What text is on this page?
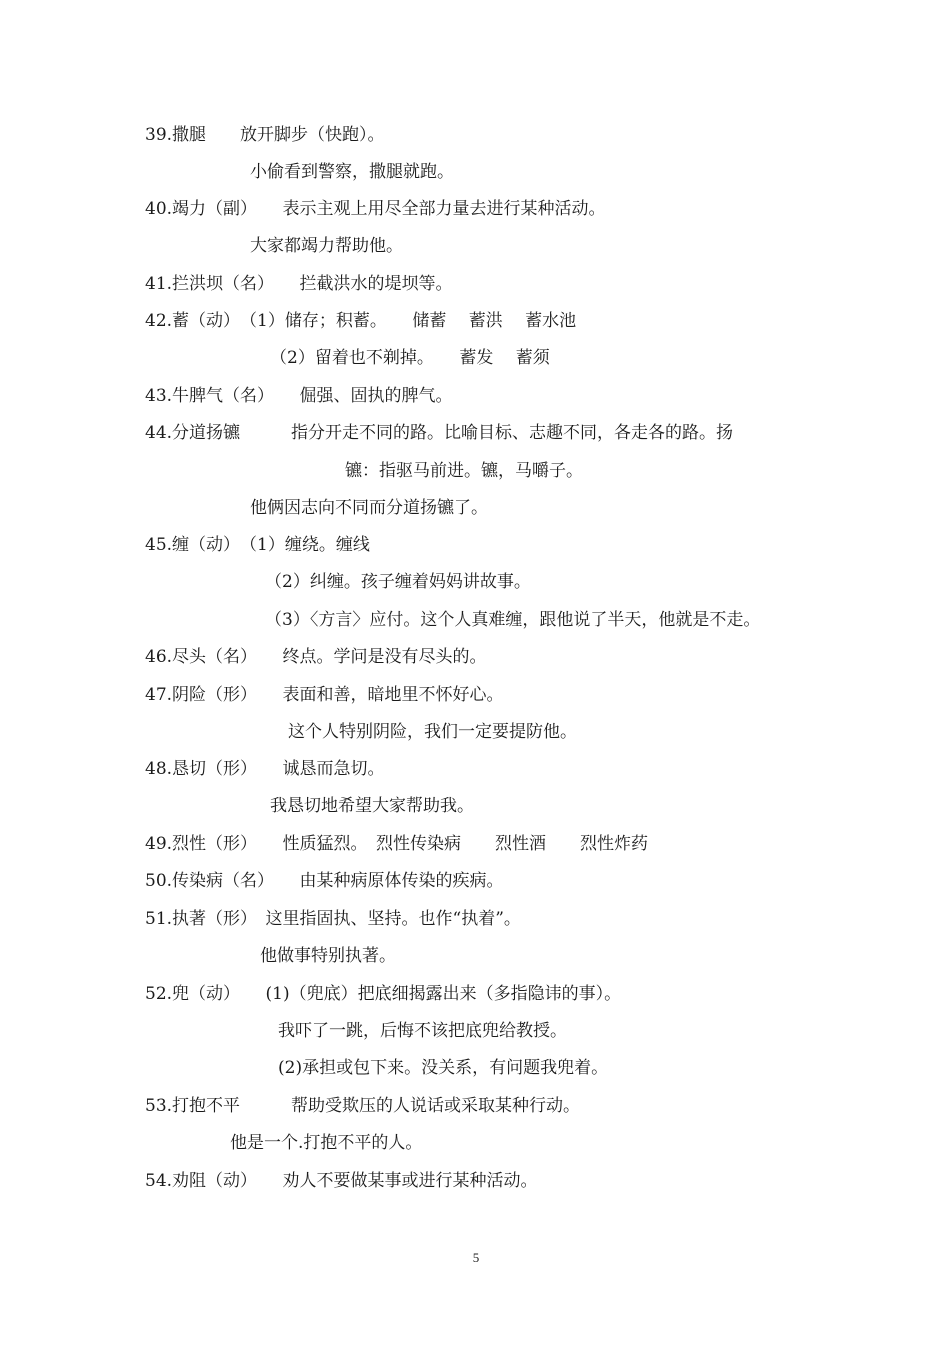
39.撒腿　　放开脚步（快跑）。
小偷看到警察，撒腿就跑。
40.竭力（副）　　表示主观上用尽全部力量去进行某种活动。
大家都竭力帮助他。
41.拦洪坝（名）　　拦截洪水的堤坝等。
42.蓄（动）　（1）储存；积蓄。　　储蓄　 蓄洪　 蓄水池
（2）留着也不剃掉。　　蓄发　 蓄须
43.牛脾气（名）　　倔强、固执的脾气。
44.分道扬镳　　　指分开走不同的路。比喻目标、志趣不同，各走各的路。扬
镳：指驱马前进。镳，马嚼子。
他俩因志向不同而分道扬镳了。
45.缠（动）　（1）缠绕。缠线
（2）纠缠。孩子缠着妈妈讲故事。
（3）〈方言〉应付。这个人真难缠，跟他说了半天，他就是不走。
46.尽头（名）　　终点。学问是没有尽头的。
47.阴险（形）　　表面和善，暗地里不怀好心。
这个人特别阴险，我们一定要提防他。
48.恳切（形）　　诚恳而急切。
我恳切地希望大家帮助我。
49.烈性（形）　　性质猛烈。　烈性传染病　　烈性酒　　烈性炸药
50.传染病（名）　　由某种病原体传染的疾病。
51.执著（形）　这里指固执、坚持。也作“执着”。
他做事特别执著。
52.兜（动）　　(1)（兜底）把底细揭露出来（多指隐讳的事）。
我吓了一跳，后悔不该把底兜给教授。
(2)承担或包下来。没关系，有问题我兜着。
53.打抱不平　　　帮助受欺压的人说话或采取某种行动。
他是一个.打抱不平的人。
54.劝阻（动）　　劝人不要做某事或进行某种活动。
5
